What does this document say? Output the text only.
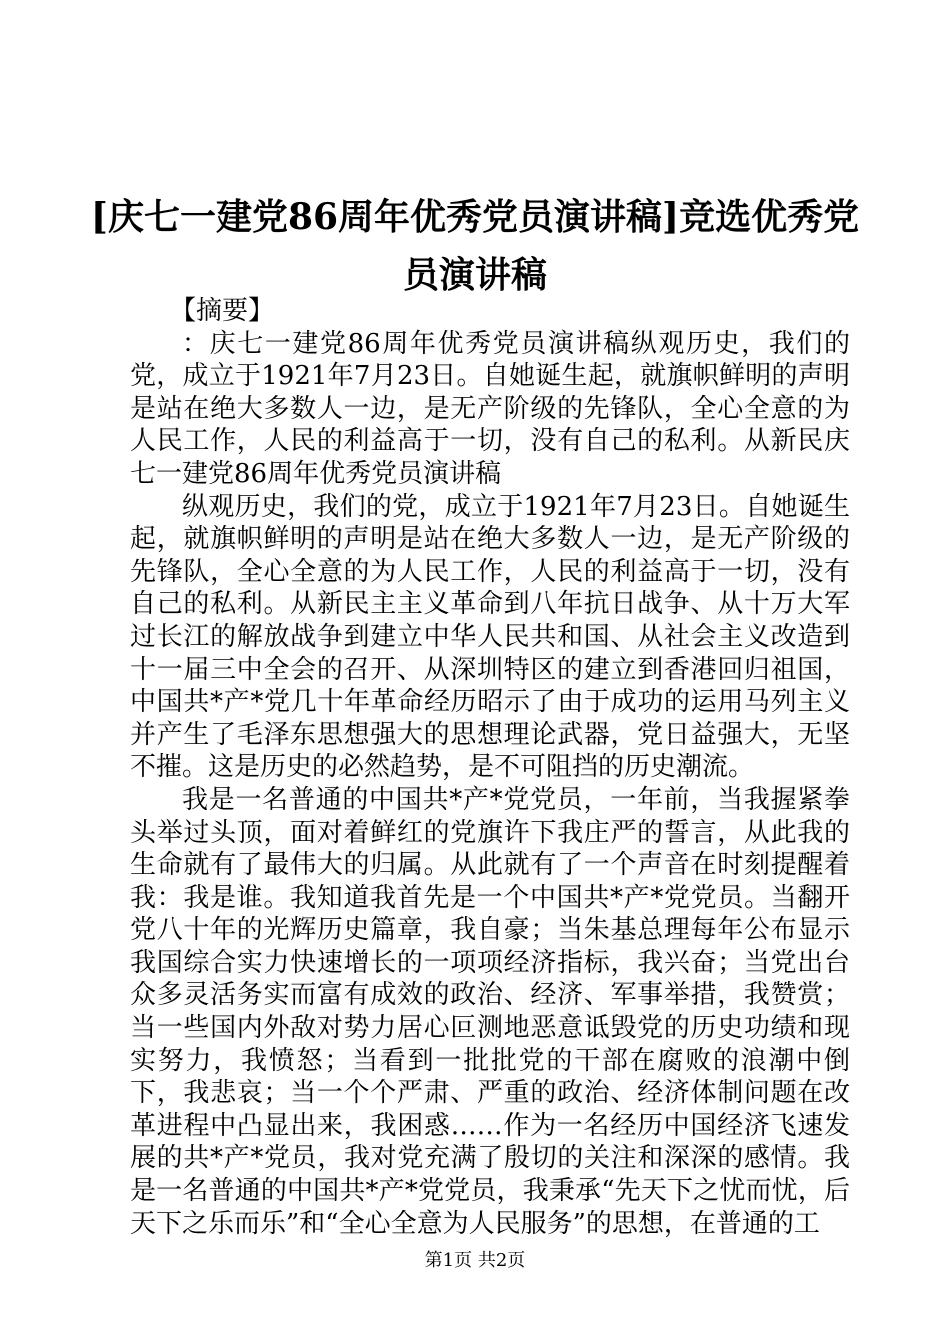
[庆七一建党86周年优秀党员演讲稿]竞选优秀党员演讲稿

【摘要】

：庆七一建党86周年优秀党员演讲稿纵观历史，我们的党，成立于1921年7月23日。自她诞生起，就旗帜鲜明的声明是站在绝大多数人一边，是无产阶级的先锋队，全心全意的为人民工作，人民的利益高于一切，没有自己的私利。从新民庆七一建党86周年优秀党员演讲稿

纵观历史，我们的党，成立于1921年7月23日。自她诞生起，就旗帜鲜明的声明是站在绝大多数人一边，是无产阶级的先锋队，全心全意的为人民工作，人民的利益高于一切，没有自己的私利。从新民主主义革命到八年抗日战争、从十万大军过长江的解放战争到建立中华人民共和国、从社会主义改造到十一届三中全会的召开、从深圳特区的建立到香港回归祖国，中国共*产*党几十年革命经历昭示了由于成功的运用马列主义并产生了毛泽东思想强大的思想理论武器，党日益强大，无坚不摧。这是历史的必然趋势，是不可阻挡的历史潮流。

我是一名普通的中国共*产*党党员，一年前，当我握紧拳头举过头顶，面对着鲜红的党旗许下我庄严的誓言，从此我的生命就有了最伟大的归属。从此就有了一个声音在时刻提醒着我：我是谁。我知道我首先是一个中国共*产*党党员。当翻开党八十年的光辉历史篇章，我自豪；当朱基总理每年公布显示我国综合实力快速增长的一项项经济指标，我兴奋；当党出台众多灵活务实而富有成效的政治、经济、军事举措，我赞赏；当一些国内外敌对势力居心叵测地恶意诋毁党的历史功绩和现实努力，我愤怒；当看到一批批党的干部在腐败的浪潮中倒下，我悲哀；当一个个严肃、严重的政治、经济体制问题在改革进程中凸显出来，我困惑……作为一名经历中国经济飞速发展的共*产*党员，我对党充满了殷切的关注和深深的感情。我是一名普通的中国共*产*党党员，我秉承“先天下之忧而忧，后天下之乐而乐”和“全心全意为人民服务”的思想，在普通的工

第1页 共2页
